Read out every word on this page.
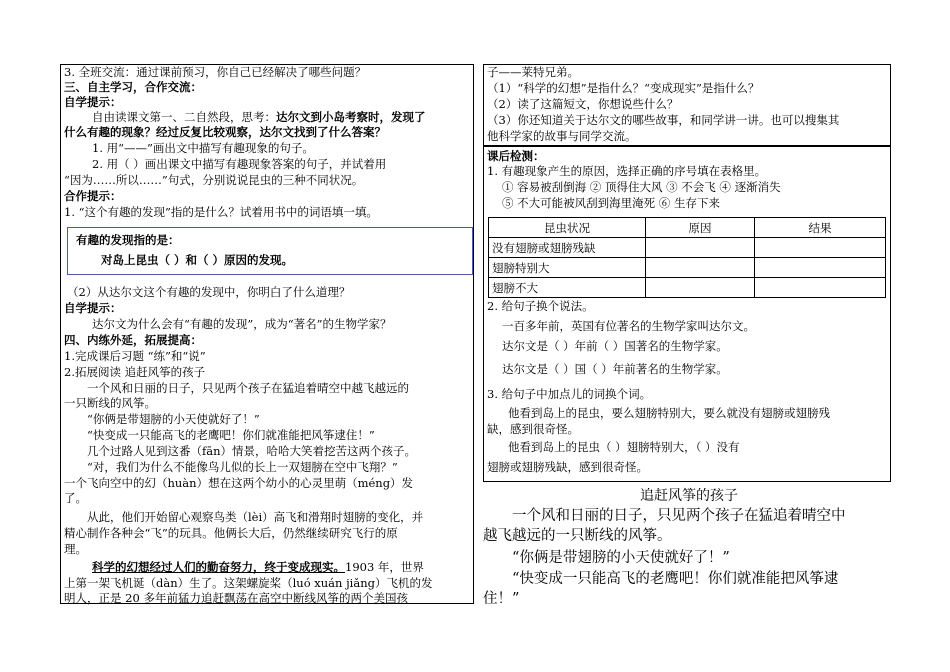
3. 全班交流：通过课前预习，你自己已经解决了哪些问题？
三、自主学习，合作交流：
自学提示：
自由读课文第一、二自然段，思考：达尔文到小岛考察时，发现了
什么有趣的现象？经过反复比较观察，达尔文找到了什么答案？
1. 用“——”画出文中描写有趣现象的句子。
2. 用（ ）画出课文中描写有趣现象答案的句子，并试着用
“因为……所以……”句式，分别说说昆虫的三种不同状况。
合作提示：
1. “这个有趣的发现”指的是什么？试着用书中的词语填一填。
有趣的发现指的是：
对岛上昆虫（ ）和（ ）原因的发现。
（2）从达尔文这个有趣的发现中，你明白了什么道理？
自学提示：
达尔文为什么会有“有趣的发现”，成为“著名”的生物学家？
四、内练外延，拓展提高：
1.完成课后习题 “练”和“说”
2.拓展阅读 追赶风筝的孩子
一个风和日丽的日子，只见两个孩子在猛追着晴空中越飞越远的
一只断线的风筝。
“你俩是带翅膀的小天使就好了！”
“快变成一只能高飞的老鹰吧！你们就准能把风筝逮住！”
几个过路人见到这番（fān）情景，哈哈大笑着挖苦这两个孩子。
“对，我们为什么不能像鸟儿似的长上一双翅膀在空中飞翔？”
一个飞向空中的幻（huàn）想在这两个幼小的心灵里萌（méng）发
了。
从此，他们开始留心观察鸟类（lèi）高飞和滑翔时翅膀的变化，并
精心制作各种会“飞”的玩具。他俩长大后，仍然继续研究飞行的原
理。
科学的幻想经过人们的勤奋努力，终于变成现实。1903 年，世界
上第一架飞机诞（dàn）生了。这架螺旋桨（luó xuán jiǎng）飞机的发
明人，正是 20 多年前猛力追赶飘荡在高空中断线风筝的两个美国孩
子——莱特兄弟。
（1）“科学的幻想”是指什么？“变成现实”是指什么？
（2）读了这篇短文，你想说些什么？
（3）你还知道关于达尔文的哪些故事，和同学讲一讲。也可以搜集其
他科学家的故事与同学交流。
课后检测：
1. 有趣现象产生的原因，选择正确的序号填在表格里。
① 容易被刮倒海 ② 顶得住大风 ③ 不会飞 ④ 逐渐消失
⑤ 不大可能被风刮到海里淹死 ⑥ 生存下来
昆虫状况	原因	结果
没有翅膀或翅膀残缺		
翅膀特别大		
翅膀不大		
2. 给句子换个说法。
一百多年前，英国有位著名的生物学家叫达尔文。
达尔文是（ ）年前（ ）国著名的生物学家。
达尔文是（ ）国（ ）年前著名的生物学家。
3. 给句子中加点儿的词换个词。
他看到岛上的昆虫，要么翅膀特别大，要么就没有翅膀或翅膀残
缺，感到很奇怪。
他看到岛上的昆虫（ ）翅膀特别大，（ ）没有
翅膀或翅膀残缺，感到很奇怪。
追赶风筝的孩子
一个风和日丽的日子，只见两个孩子在猛追着晴空中
越飞越远的一只断线的风筝。
“你俩是带翅膀的小天使就好了！”
“快变成一只能高飞的老鹰吧！你们就准能把风筝逮
住！”
